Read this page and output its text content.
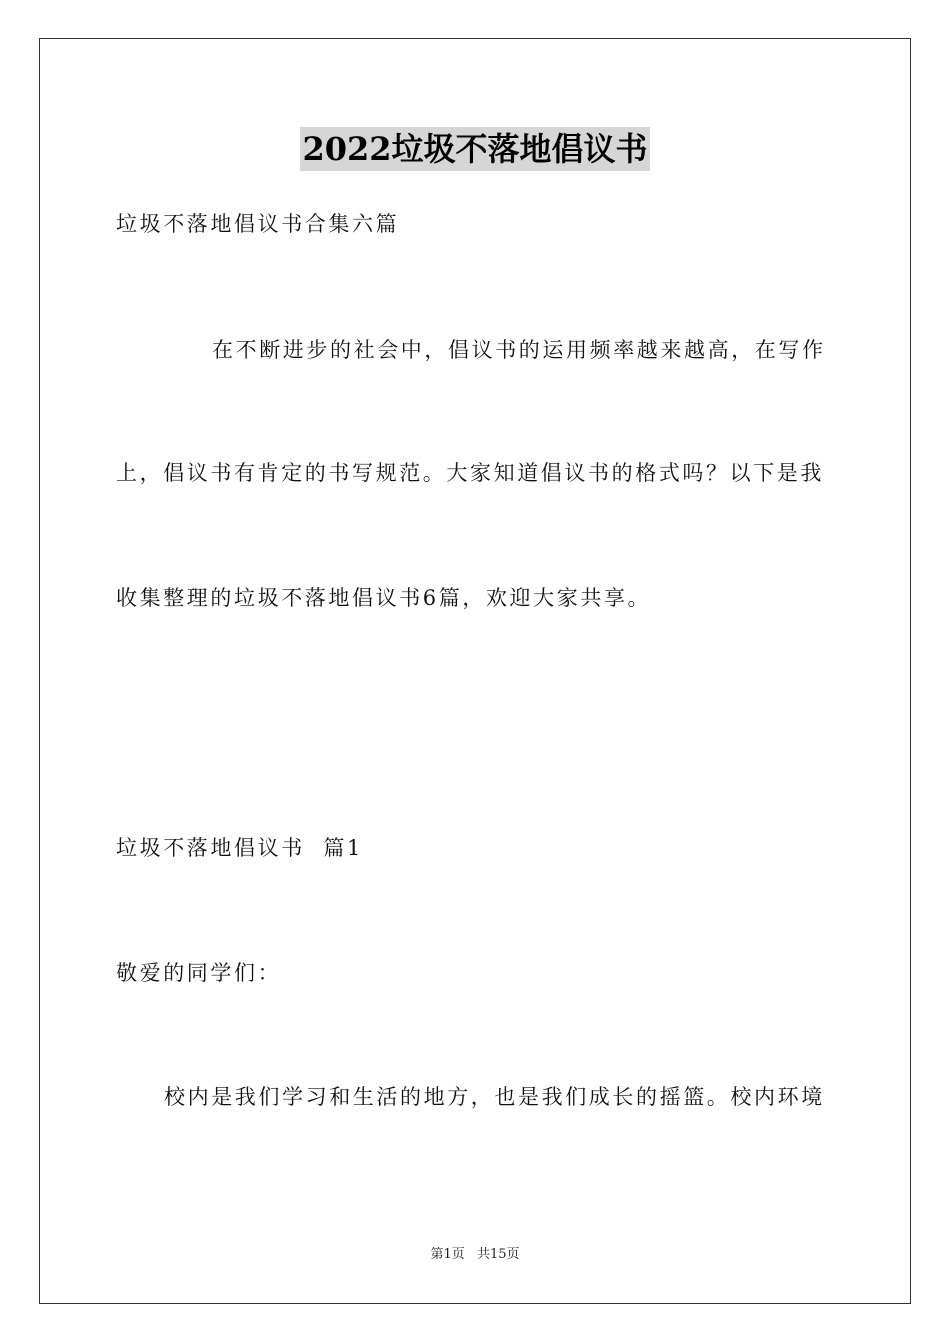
2022垃圾不落地倡议书
垃圾不落地倡议书合集六篇
在不断进步的社会中，倡议书的运用频率越来越高，在写作
上，倡议书有肯定的书写规范。大家知道倡议书的格式吗？以下是我
收集整理的垃圾不落地倡议书6篇，欢迎大家共享。
垃圾不落地倡议书  篇1
敬爱的同学们：
校内是我们学习和生活的地方，也是我们成长的摇篮。校内环境
第1页 共15页
